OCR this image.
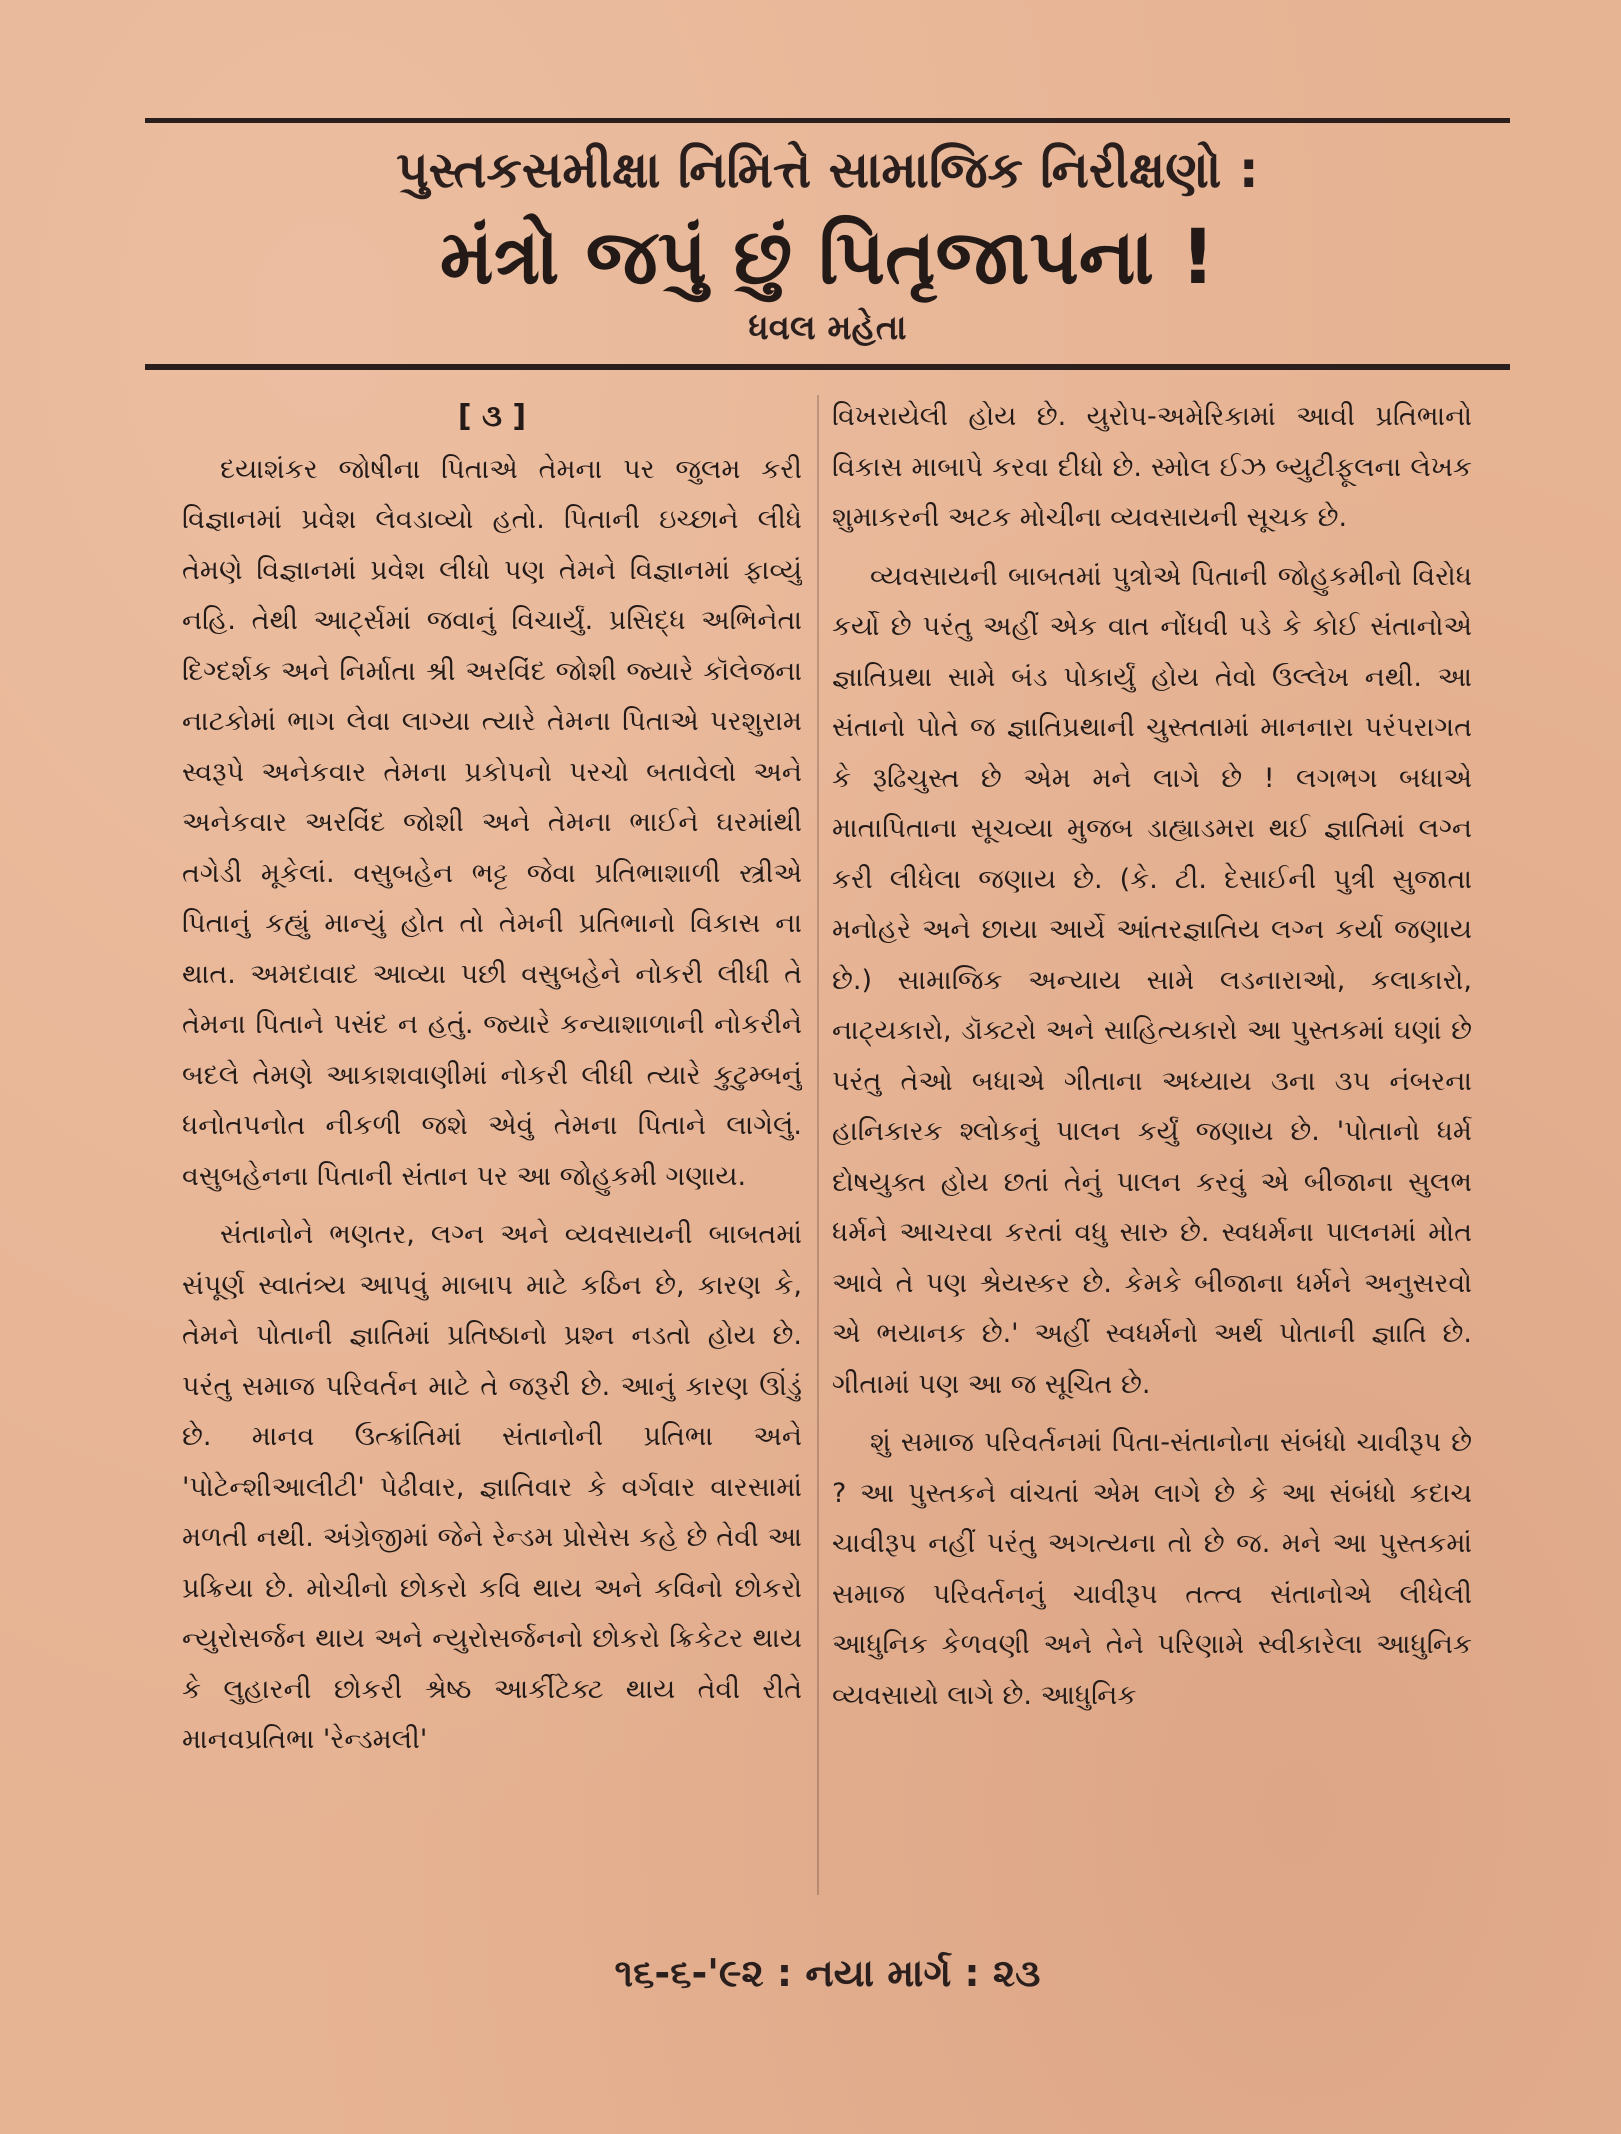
પુસ્તકસમીક્ષા નિમિત્તે સામાજિક નિરીક્ષણો :
મંત્રો જપું છું પિતૃજાપના !
ધવલ મહેતા
[ ૩ ]

દયાશંકર જોષીના પિતાએ તેમના પર જુલમ કરી વિજ્ઞાનમાં પ્રવેશ લેવડાવ્યો હતો. પિતાની ઇચ્છાને લીધે તેમણે વિજ્ઞાનમાં પ્રવેશ લીધો પણ તેમને વિજ્ઞાનમાં ફાવ્યું નહિ. તેથી આર્ટ્સમાં જવાનું વિચાર્યું. પ્રસિદ્ધ અભિનેતા દિગ્દર્શક અને નિર્માતા શ્રી અરવિંદ જોશી જ્યારે કૉલેજના નાટકોમાં ભાગ લેવા લાગ્યા ત્યારે તેમના પિતાએ પરશુરામ સ્વરૂપે અનેકવાર તેમના પ્રકોપનો પરચો બતાવેલો અને અનેકવાર અરવિંદ જોશી અને તેમના ભાઈને ઘરમાંથી તગેડી મૂકેલાં. વસુબહેન ભટ્ટ જેવા પ્રતિભાશાળી સ્ત્રીએ પિતાનું કહ્યું માન્યું હોત તો તેમની પ્રતિભાનો વિકાસ ના થાત. અમદાવાદ આવ્યા પછી વસુબહેને નોકરી લીધી તે તેમના પિતાને પસંદ ન હતું. જ્યારે કન્યાશાળાની નોકરીને બદલે તેમણે આકાશવાણીમાં નોકરી લીધી ત્યારે કુટુમ્બનું ધનોતપનોત નીકળી જશે એવું તેમના પિતાને લાગેલું. વસુબહેનના પિતાની સંતાન પર આ જોહુકમી ગણાય.

સંતાનોને ભણતર, લગ્ન અને વ્યવસાયની બાબતમાં સંપૂર્ણ સ્વાતંત્ર્ય આપવું માબાપ માટે કઠિન છે, કારણ કે, તેમને પોતાની જ્ઞાતિમાં પ્રતિષ્ઠાનો પ્રશ્ન નડતો હોય છે. પરંતુ સમાજ પરિવર્તન માટે તે જરૂરી છે. આનું કારણ ઊંડું છે. માનવ ઉત્ક્રાંતિમાં સંતાનોની પ્રતિભા અને 'પોટેન્શીઆલીટી' પેઢીવાર, જ્ઞાતિવાર કે વર્ગવાર વારસામાં મળતી નથી. અંગ્રેજીમાં જેને રેન્ડમ પ્રોસેસ કહે છે તેવી આ પ્રક્રિયા છે. મોચીનો છોકરો કવિ થાય અને કવિનો છોકરો ન્યુરોસર્જન થાય અને ન્યુરોસર્જનનો છોકરો ક્રિકેટર થાય કે લુહારની છોકરી શ્રેષ્ઠ આર્કીટેક્ટ થાય તેવી રીતે માનવપ્રતિભા 'રેન્ડમલી'

વિખરાયેલી હોય છે. યુરોપ-અમેરિકામાં આવી પ્રતિભાનો વિકાસ માબાપે કરવા દીધો છે. સ્મોલ ઈઝ બ્યુટીફૂલના લેખક શુમાકરની અટક મોચીના વ્યવસાયની સૂચક છે.

વ્યવસાયની બાબતમાં પુત્રોએ પિતાની જોહુકમીનો વિરોધ કર્યો છે પરંતુ અહીં એક વાત નોંધવી પડે કે કોઈ સંતાનોએ જ્ઞાતિપ્રથા સામે બંડ પોકાર્યું હોય તેવો ઉલ્લેખ નથી. આ સંતાનો પોતે જ જ્ઞાતિપ્રથાની ચુસ્તતામાં માનનારા પરંપરાગત કે રૂઢિચુસ્ત છે એમ મને લાગે છે ! લગભગ બધાએ માતાપિતાના સૂચવ્યા મુજબ ડાહ્યાડમરા થઈ જ્ઞાતિમાં લગ્ન કરી લીધેલા જણાય છે. (કે. ટી. દેસાઈની પુત્રી સુજાતા મનોહરે અને છાયા આર્યે આંતરજ્ઞાતિય લગ્ન કર્યા જણાય છે.) સામાજિક અન્યાય સામે લડનારાઓ, કલાકારો, નાટ્યકારો, ડૉક્ટરો અને સાહિત્યકારો આ પુસ્તકમાં ઘણાં છે પરંતુ તેઓ બધાએ ગીતાના અધ્યાય ૩ના ૩૫ નંબરના હાનિકારક શ્લોકનું પાલન કર્યું જણાય છે. 'પોતાનો ધર્મ દોષયુક્ત હોય છતાં તેનું પાલન કરવું એ બીજાના સુલભ ધર્મને આચરવા કરતાં વધુ સારુ છે. સ્વધર્મના પાલનમાં મોત આવે તે પણ શ્રેયસ્કર છે. કેમકે બીજાના ધર્મને અનુસરવો એ ભયાનક છે.' અહીં સ્વધર્મનો અર્થ પોતાની જ્ઞાતિ છે. ગીતામાં પણ આ જ સૂચિત છે.

શું સમાજ પરિવર્તનમાં પિતા-સંતાનોના સંબંધો ચાવીરૂપ છે ? આ પુસ્તકને વાંચતાં એમ લાગે છે કે આ સંબંધો કદાચ ચાવીરૂપ નહીં પરંતુ અગત્યના તો છે જ. મને આ પુસ્તકમાં સમાજ પરિવર્તનનું ચાવીરૂપ તત્ત્વ સંતાનોએ લીધેલી આધુનિક કેળવણી અને તેને પરિણામે સ્વીકારેલા આધુનિક વ્યવસાયો લાગે છે. આધુનિક

૧૬-૬-'૯૨ : નયા માર્ગ : ૨૩
